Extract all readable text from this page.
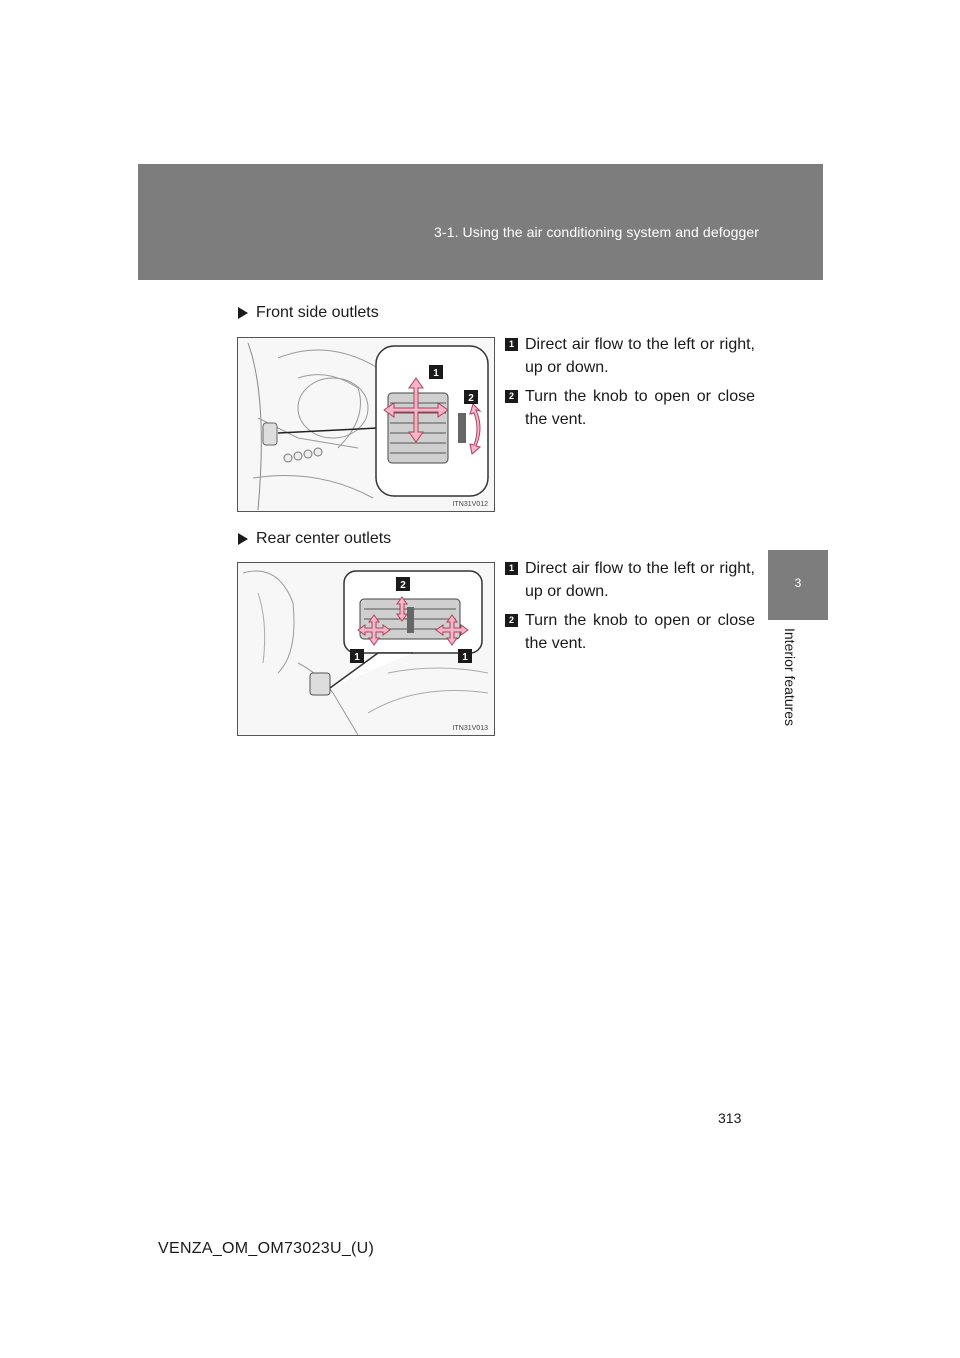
3-1. Using the air conditioning system and defogger
3
Interior features
Front side outlets
1
2
ITN31V012
1 Direct air flow to the left or right, up or down.
2 Turn the knob to open or close the vent.
Rear center outlets
2
1	1
ITN31V013
1 Direct air flow to the left or right, up or down.
2 Turn the knob to open or close the vent.
313
VENZA_OM_OM73023U_(U)
